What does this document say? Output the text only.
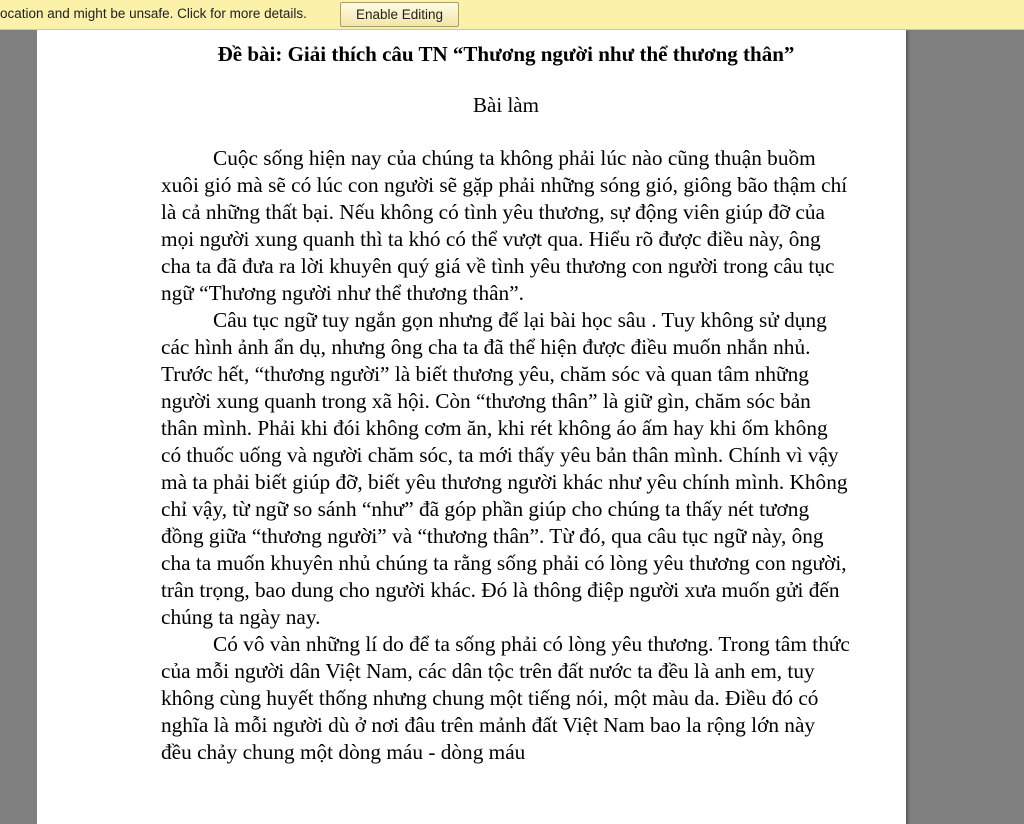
ocation and might be unsafe. Click for more details.	Enable Editing

Đề bài: Giải thích câu TN “Thương người như thể thương thân”

Bài làm

Cuộc sống hiện nay của chúng ta không phải lúc nào cũng thuận buồm xuôi gió mà sẽ có lúc con người sẽ gặp phải những sóng gió, giông bão thậm chí là cả những thất bại. Nếu không có tình yêu thương, sự động viên giúp đỡ của mọi người xung quanh thì ta khó có thể vượt qua. Hiểu rõ được điều này, ông cha ta đã đưa ra lời khuyên quý giá về tình yêu thương con người trong câu tục ngữ “Thương người như thể thương thân”.

Câu tục ngữ tuy ngắn gọn nhưng để lại bài học sâu . Tuy không sử dụng các hình ảnh ẩn dụ, nhưng ông cha ta đã thể hiện được điều muốn nhắn nhủ. Trước hết, “thương người” là biết thương yêu, chăm sóc và quan tâm những người xung quanh trong xã hội. Còn “thương thân” là giữ gìn, chăm sóc bản thân mình. Phải khi đói không cơm ăn, khi rét không áo ấm hay khi ốm không có thuốc uống và người chăm sóc, ta mới thấy yêu bản thân mình. Chính vì vậy mà ta phải biết giúp đỡ, biết yêu thương người khác như yêu chính mình. Không chỉ vậy, từ ngữ so sánh “như” đã góp phần giúp cho chúng ta thấy nét tương đồng giữa “thương người” và “thương thân”. Từ đó, qua câu tục ngữ này, ông cha ta muốn khuyên nhủ chúng ta rằng sống phải có lòng yêu thương con người, trân trọng, bao dung cho người khác. Đó là thông điệp người xưa muốn gửi đến chúng ta ngày nay.

Có vô vàn những lí do để ta sống phải có lòng yêu thương. Trong tâm thức của mỗi người dân Việt Nam, các dân tộc trên đất nước ta đều là anh em, tuy không cùng huyết thống nhưng chung một tiếng nói, một màu da. Điều đó có nghĩa là mỗi người dù ở nơi đâu trên mảnh đất Việt Nam bao la rộng lớn này đều chảy chung một dòng máu - dòng máu
